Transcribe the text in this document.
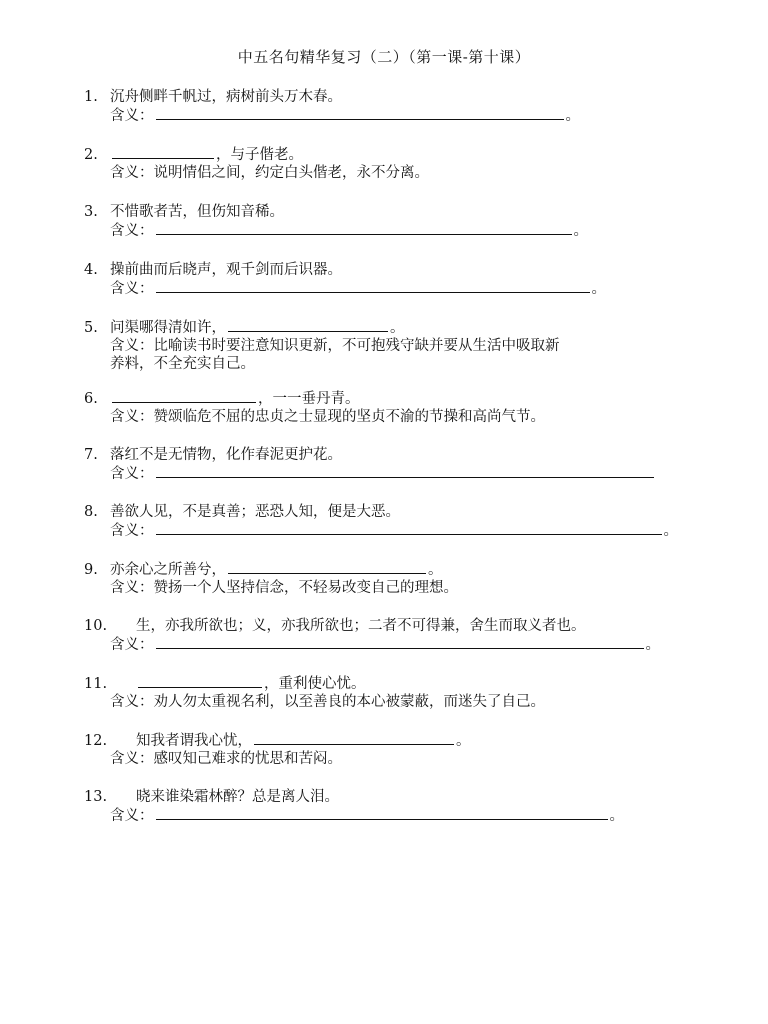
中五名句精华复习（二）（第一课-第十课）
1. 沉舟侧畔千帆过，病树前头万木春。
含义：	。
2.	，与子偕老。
含义：说明情侣之间，约定白头偕老，永不分离。
3. 不惜歌者苦，但伤知音稀。
含义：	。
4. 操前曲而后晓声，观千剑而后识器。
含义：	。
5. 问渠哪得清如许，	。
含义：比喻读书时要注意知识更新，不可抱残守缺并要从生活中吸取新
养料，不全充实自己。
6.	，一一垂丹青。
含义：赞颂临危不屈的忠贞之士显现的坚贞不渝的节操和高尚气节。
7. 落红不是无情物，化作春泥更护花。
含义：
8. 善欲人见，不是真善；恶恐人知，便是大恶。
含义：	。
9. 亦余心之所善兮，	。
含义：赞扬一个人坚持信念，不轻易改变自己的理想。
10. 生，亦我所欲也；义，亦我所欲也；二者不可得兼，舍生而取义者也。
含义：	。
11.	，重利使心忧。
含义：劝人勿太重视名利，以至善良的本心被蒙蔽，而迷失了自己。
12. 知我者谓我心忧，	。
含义：感叹知己难求的忧思和苦闷。
13. 晓来谁染霜林醉？总是离人泪。
含义：	。
